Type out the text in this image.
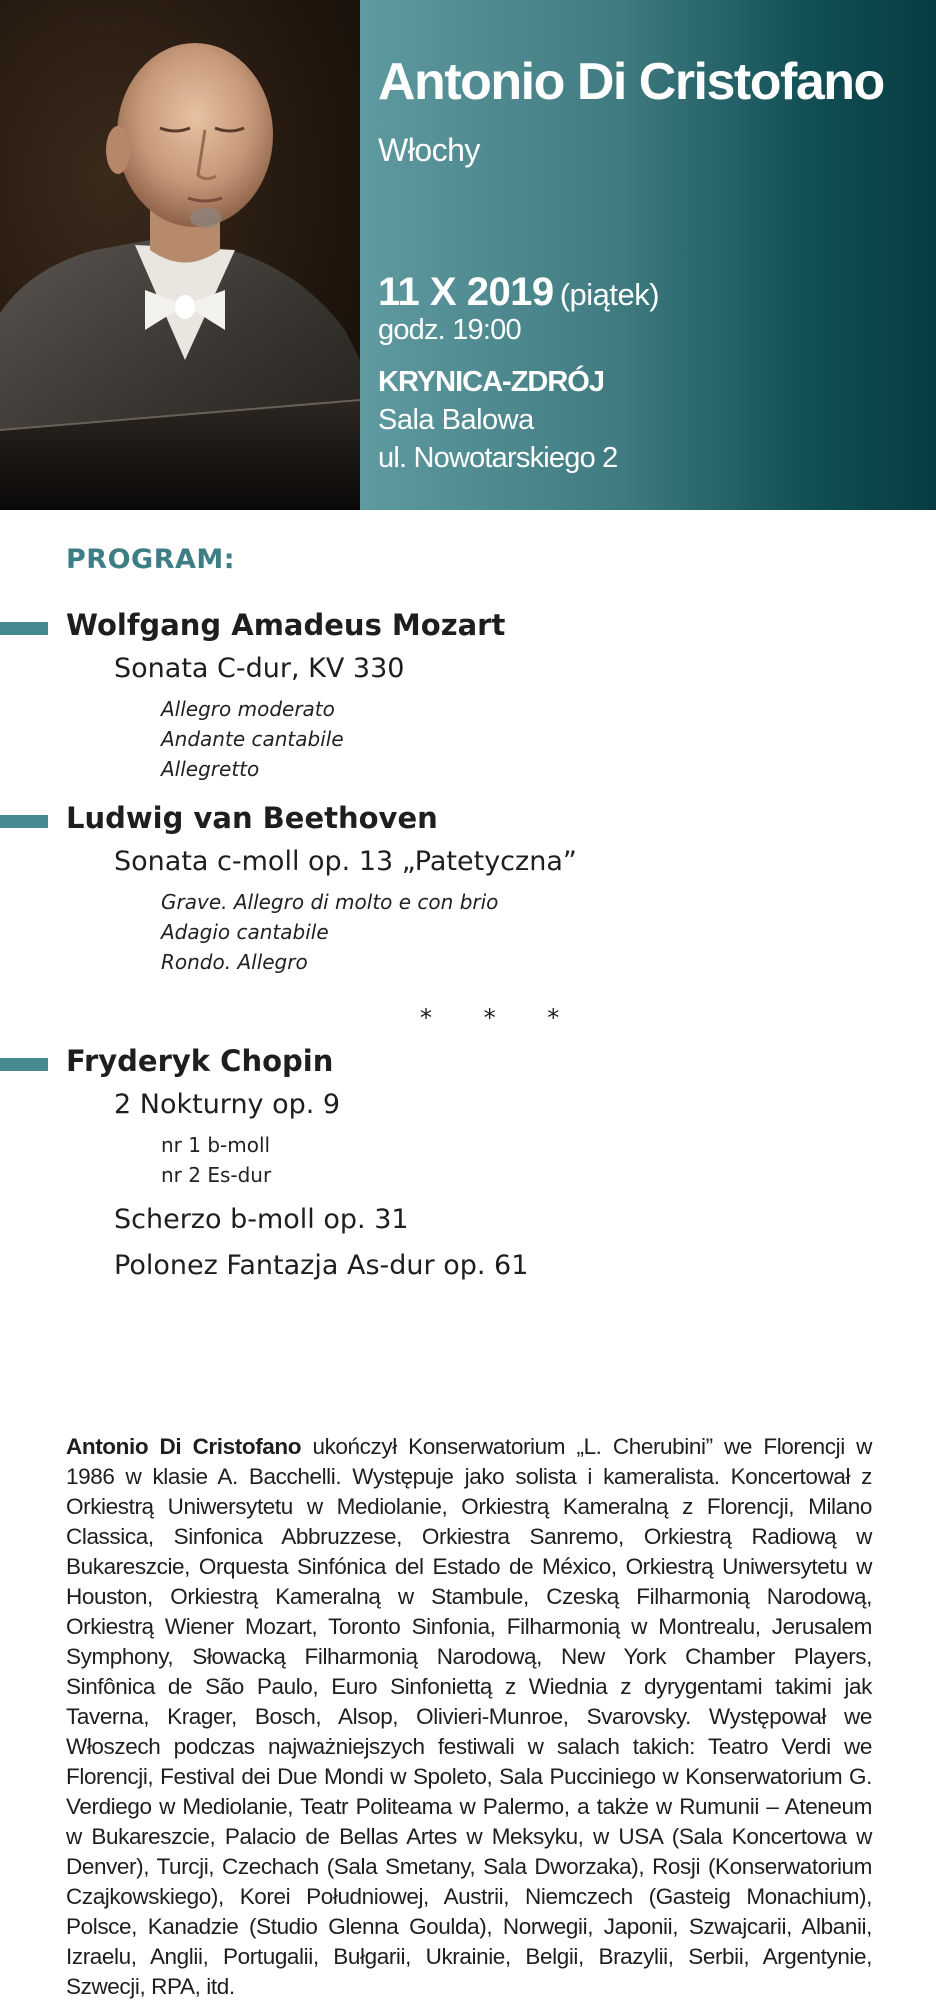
Antonio Di Cristofano
Włochy
11 X 2019 (piątek)
godz. 19:00
KRYNICA-ZDRÓJ
Sala Balowa
ul. Nowotarskiego 2
PROGRAM:
Wolfgang Amadeus Mozart
Sonata C-dur, KV 330
Allegro moderato
Andante cantabile
Allegretto
Ludwig van Beethoven
Sonata c-moll op. 13 „Patetyczna”
Grave. Allegro di molto e con brio
Adagio cantabile
Rondo. Allegro
* * *
Fryderyk Chopin
2 Nokturny op. 9
nr 1 b-moll
nr 2 Es-dur
Scherzo b-moll op. 31
Polonez Fantazja As-dur op. 61
Antonio Di Cristofano ukończył Konserwatorium „L. Cherubini” we Florencji w 1986 w klasie A. Bacchelli. Występuje jako solista i kameralista. Koncertował z Orkiestrą Uniwersytetu w Mediolanie, Orkiestrą Kameralną z Florencji, Milano Classica, Sinfonica Abbruzzese, Orkiestra Sanremo, Orkiestrą Radiową w Bukareszcie, Orquesta Sinfónica del Estado de México, Orkiestrą Uniwersytetu w Houston, Orkiestrą Kameralną w Stambule, Czeską Filharmonią Narodową, Orkiestrą Wiener Mozart, Toronto Sinfonia, Filharmonią w Montrealu, Jerusalem Symphony, Słowacką Filharmonią Narodową, New York Chamber Players, Sinfônica de São Paulo, Euro Sinfoniettą z Wiednia z dyrygentami takimi jak Taverna, Krager, Bosch, Alsop, Olivieri-Munroe, Svarovsky. Występował we Włoszech podczas najważniejszych festiwali w salach takich: Teatro Verdi we Florencji, Festival dei Due Mondi w Spoleto, Sala Pucciniego w Konserwatorium G. Verdiego w Mediolanie, Teatr Politeama w Palermo, a także w Rumunii – Ateneum w Bukareszcie, Palacio de Bellas Artes w Meksyku, w USA (Sala Koncertowa w Denver), Turcji, Czechach (Sala Smetany, Sala Dworzaka), Rosji (Konserwatorium Czajkowskiego), Korei Południowej, Austrii, Niemczech (Gasteig Monachium), Polsce, Kanadzie (Studio Glenna Goulda), Norwegii, Japonii, Szwajcarii, Albanii, Izraelu, Anglii, Portugalii, Bułgarii, Ukrainie, Belgii, Brazylii, Serbii, Argentynie, Szwecji, RPA, itd.
